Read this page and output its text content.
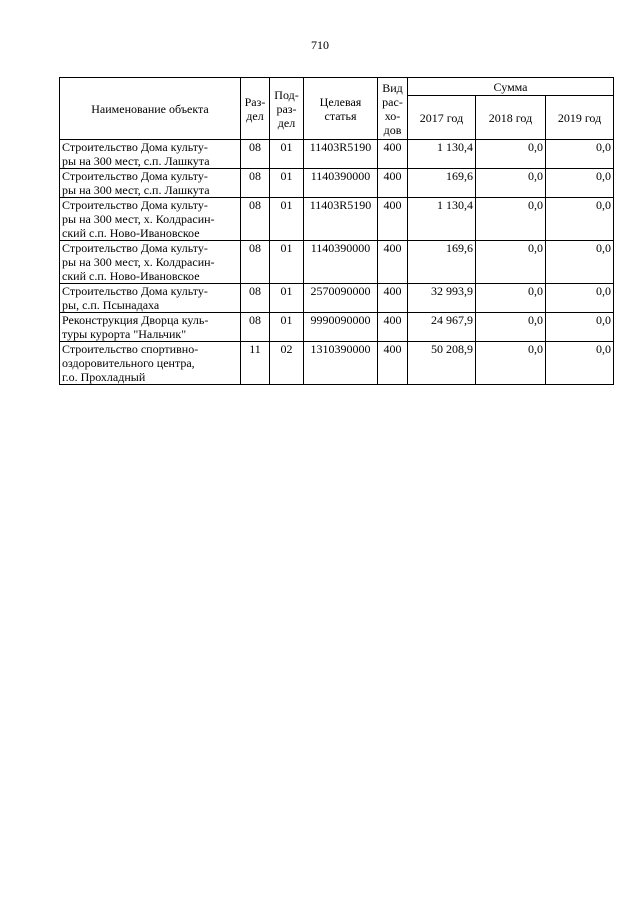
710
Наименование объекта	Раз-
дел	Под-
раз-
дел	Целевая
статья	Вид
рас-
хо-
дов	Сумма		
					2017 год	2018 год	2019 год
Строительство Дома культу-
ры на 300 мест, с.п. Лашкута	08	01	11403R5190	400	1 130,4	0,0	0,0
Строительство Дома культу-
ры на 300 мест, с.п. Лашкута	08	01	1140390000	400	169,6	0,0	0,0
Строительство Дома культу-
ры на 300 мест, х. Колдрасин-
ский с.п. Ново-Ивановское	08	01	11403R5190	400	1 130,4	0,0	0,0
Строительство Дома культу-
ры на 300 мест, х. Колдрасин-
ский с.п. Ново-Ивановское	08	01	1140390000	400	169,6	0,0	0,0
Строительство Дома культу-
ры, с.п. Псынадаха	08	01	2570090000	400	32 993,9	0,0	0,0
Реконструкция Дворца куль-
туры курорта "Нальчик"	08	01	9990090000	400	24 967,9	0,0	0,0
Строительство спортивно-
оздоровительного центра,
г.о. Прохладный	11	02	1310390000	400	50 208,9	0,0	0,0
